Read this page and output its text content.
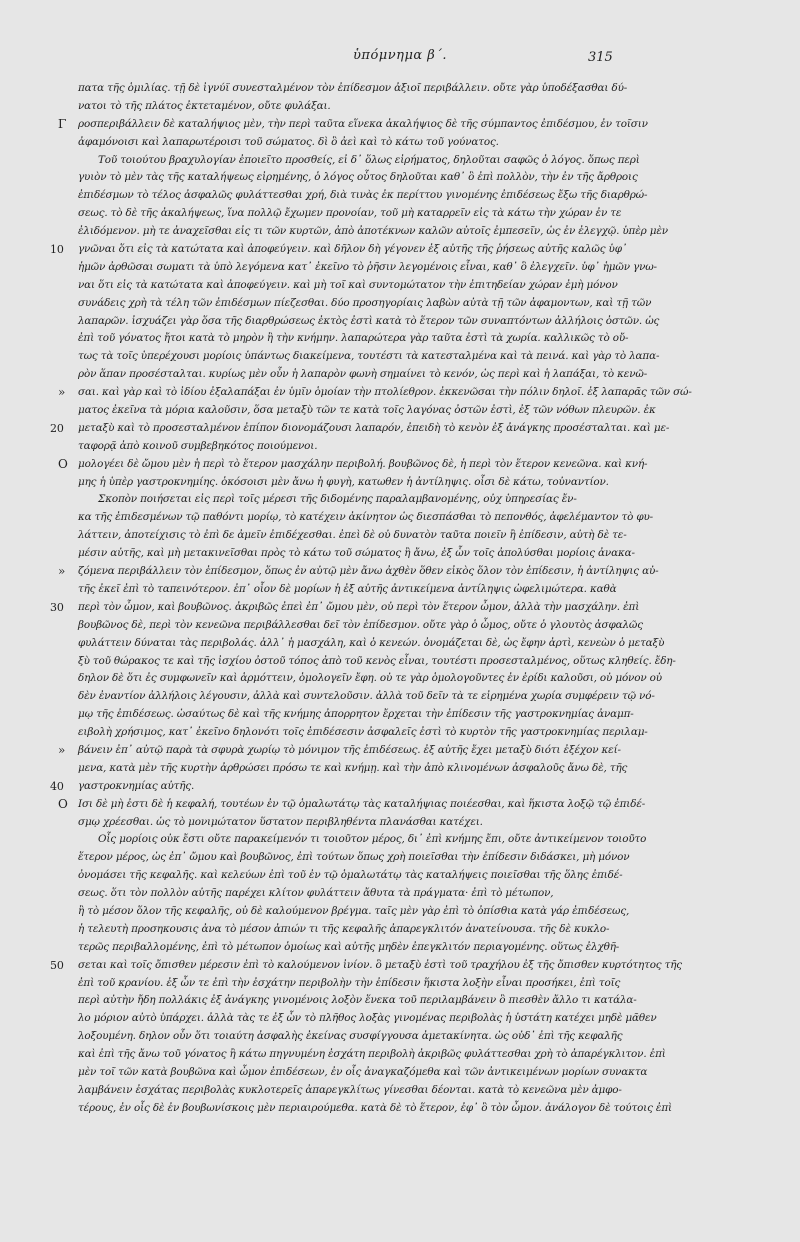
ὑπόμνημα β΄.	315
πατα τῆς ὁμιλίας. τῇ δὲ ἰγνύϊ συνεσταλμένον τὸν ἐπίδεσμον ἀξιοῖ περιβάλλειν. οὔτε γὰρ ὑποδέξασθαι δύ-
νατοι τὸ τῆς πλάτος ἐκτεταμένον, οὔτε φυλάξαι.
Γ ροσπεριβάλλειν δὲ καταλήψιος μὲν, τὴν περὶ ταῦτα εἵνεκα ἀκαλήψιος δὲ τῆς σύμπαντος ἐπιδέσμου, ἐν τοῖσιν
ἀφαμόνοισι καὶ λαπαρωτέροισι τοῦ σώματος. δὶ ὃ ἀεὶ καὶ τὸ κάτω τοῦ γούνατος.
Τοῦ τοιούτου βραχυλογίαν ἐποιεῖτο προσθείς, εἰ δ᾽ ὅλως εἰρήματος, δηλοῦται σαφῶς ὁ λόγος. ὅπως περὶ
γυιὸν τὸ μὲν τὰς τῆς καταλήψεως εἰρημένης, ὁ λόγος οὗτος δηλοῦται καθ᾽ ὃ ἐπὶ πολλὸν, τὴν ἐν τῆς ἄρθροις
ἐπιδέσμων τὸ τέλος ἀσφαλῶς φυλάττεσθαι χρή, διὰ τινὰς ἐκ περίττου γινομένης ἐπιδέσεως ἔξω τῆς διαρθρώ-
σεως. τὸ δὲ τῆς ἀκαλήψεως, ἵνα πολλῷ ἔχωμεν προνοίαν, τοῦ μὴ καταρρεῖν εἰς τὰ κάτω τὴν χώραν ἐν τε
ἐλιδόμενον. μὴ τε ἀναχεῖσθαι εἰς τι τῶν κυρτῶν, ἀπὸ ἀποτέκνων καλῶν αὐτοῖς ἐμπεσεῖν, ὡς ἐν ἐλεγχῷ. ὑπὲρ μὲν
10 γνῶναι ὅτι εἰς τὰ κατώτατα καὶ ἀποφεύγειν. καὶ δῆλον δὴ γέγονεν ἐξ αὐτῆς τῆς ῥήσεως αὐτῆς καλῶς ὑφ᾽
ἡμῶν ἀρθῶσαι σωματι τὰ ὑπὸ λεγόμενα κατ᾽ ἐκεῖνο τὸ ῥῆσιν λεγομένοις εἶναι, καθ᾽ ὃ ἐλεγχεῖν. ὑφ᾽ ἡμῶν γνω-
ναι ὅτι εἰς τὰ κατώτατα καὶ ἀποφεύγειν. καὶ μὴ τοῖ καὶ συντομώτατον τὴν ἐπιτηδείαν χώραν ἐμὴ μόνον
συνάδεις χρὴ τὰ τέλη τῶν ἐπιδέσμων πίεζεσθαι. δύο προσηγορίαις λαβὼν αὐτὰ τῇ τῶν ἀφαμοντων, καὶ τῇ τῶν
λαπαρῶν. ἰσχυάζει γὰρ ὅσα τῆς διαρθρώσεως ἐκτὸς ἐστὶ κατὰ τὸ ἕτερον τῶν συναπτόντων ἀλλήλοις ὀστῶν. ὡς
ἐπὶ τοῦ γόνατος ἤτοι κατὰ τὸ μηρὸν ἢ τὴν κνήμην. λαπαρώτερα γὰρ ταῦτα ἐστὶ τὰ χωρία. καλλικῶς τὸ οὔ-
τως τὰ τοῖς ὑπερέχουσι μορίοις ὑπάντως διακείμενα, τουτέστι τὰ κατεσταλμένα καὶ τὰ πεινά. καὶ γὰρ τὸ λαπα-
ρὸν ἅπαν προσέσταλται. κυρίως μὲν οὖν ἡ λαπαρὸν φωνὴ σημαίνει τὸ κενόν, ὡς περὶ καὶ ἡ λαπάξαι, τὸ κενῶ-
» σαι. καὶ γὰρ καὶ τὸ ἰδίου ἐξαλαπάξαι ἐν ὑμῖν ὁμοίαν τὴν πτολίεθρον. ἐκκενῶσαι τὴν πόλιν δηλοῖ. ἐξ λαπαρᾶς τῶν σώ-
ματος ἐκεῖνα τὰ μόρια καλοῦσιν, ὅσα μεταξὺ τῶν τε κατὰ τοῖς λαγόνας ὀστῶν ἐστὶ, ἐξ τῶν νόθων πλευρῶν. ἐκ
20 μεταξὺ καὶ τὸ προσεσταλμένον ἐπίπον διονομάζουσι λαπαρόν, ἐπειδὴ τὸ κενὸν ἐξ ἀνάγκης προσέσταλται. καὶ με-
ταφορᾷ ἀπὸ κοινοῦ συμβεβηκότος ποιούμενοι.
Ο μολογέει δὲ ὤμου μὲν ἡ περὶ τὸ ἕτερον μασχάλην περιβολή. βουβῶνος δὲ, ἡ περὶ τὸν ἕτερον κενεῶνα. καὶ κνή-
μης ἡ ὑπὲρ γαστροκνημίης. ὁκόσοισι μὲν ἄνω ἡ φυγὴ, κατωθεν ἡ ἀντίληψις. οἷσι δὲ κάτω, τοὐναντίον.
Σκοπὸν ποιήσεται εἰς περὶ τοῖς μέρεσι τῆς διδομένης παραλαμβανομένης, οὐχ ὑπηρεσίας ἔν-
κα τῆς ἐπιδεσμένων τῷ παθόντι μορίῳ, τὸ κατέχειν ἀκίνητον ὡς διεσπάσθαι τὸ πεπονθός, ἀφελέμαντον τὸ φυ-
λάττειν, ἀποτείχισις τὸ ἐπὶ δε ἀμεῖν ἐπιδέχεσθαι. ἐπεὶ δὲ οὐ δυνατὸν ταῦτα ποιεῖν ἢ ἐπίδεσιν, αὐτὴ δὲ τε-
μέσιν αὐτῆς, καὶ μὴ μετακινεῖσθαι πρὸς τὸ κάτω τοῦ σώματος ἢ ἄνω, ἐξ ὧν τοῖς ἀπολύσθαι μορίοις ἀνακα-
» ζόμενα περιβάλλειν τὸν ἐπίδεσμον, ὅπως ἐν αὐτῷ μὲν ἄνω ἀχθὲν ὅθεν εἰκὸς ὅλον τὸν ἐπίδεσιν, ἡ ἀντίληψις αὐ-
τῆς ἐκεῖ ἐπὶ τὸ ταπεινότερον. ἐπ᾽ οἷον δὲ μορίων ἡ ἐξ αὐτῆς ἀντικείμενα ἀντίληψις ὠφελιμώτερα. καθὰ
30 περὶ τὸν ὦμον, καὶ βουβῶνος. ἀκριβῶς ἐπεὶ ἐπ᾽ ὤμου μὲν, οὐ περὶ τὸν ἕτερον ὦμον, ἀλλὰ τὴν μασχάλην. ἐπὶ
βουβῶνος δὲ, περὶ τὸν κενεῶνα περιβάλλεσθαι δεῖ τὸν ἐπίδεσμον. οὔτε γὰρ ὁ ὦμος, οὔτε ὁ γλουτὸς ἀσφαλῶς
φυλάττειν δύναται τὰς περιβολάς. ἀλλ᾽ ἡ μασχάλη, καὶ ὁ κενεών. ὀνομάζεται δὲ, ὡς ἔφην ἀρτὶ, κενεὼν ὁ μεταξὺ
ξὺ τοῦ θώρακος τε καὶ τῆς ἰσχίου ὀστοῦ τόπος ἀπὸ τοῦ κενὸς εἶναι, τουτέστι προσεσταλμένος, οὕτως κληθείς. ἔδη-
δηλον δὲ ὅτι ἐς συμφωνεῖν καὶ ἁρμόττειν, ὁμολογεῖν ἔφη. οὐ τε γὰρ ὁμολογοῦντες ἐν ἐρίδι καλοῦσι, οὐ μόνον οὐ
δὲν ἐναντίον ἀλλήλοις λέγουσιν, ἀλλὰ καὶ συντελοῦσιν. ἀλλὰ τοῦ δεῖν τὰ τε εἰρημένα χωρία συμφέρειν τῷ νό-
μῳ τῆς ἐπιδέσεως. ὡσαύτως δὲ καὶ τῆς κνήμης ἀπορρητον ἔρχεται τὴν ἐπίδεσιν τῆς γαστροκνημίας ἀναμπ-
ειβολὴ χρήσιμος, κατ᾽ ἐκεῖνο δηλονότι τοῖς ἐπιδέσεσιν ἀσφαλεῖς ἐστὶ τὸ κυρτὸν τῆς γαστροκνημίας περιλαμ-
» βάνειν ἐπ᾽ αὐτῷ παρὰ τὰ σφυρὰ χωρίῳ τὸ μόνιμον τῆς ἐπιδέσεως. ἐξ αὐτῆς ἔχει μεταξὺ διότι ἐξέχον κεί-
μενα, κατὰ μὲν τῆς κυρτὴν ἀρθρώσει πρόσω τε καὶ κνήμῃ. καὶ τὴν ἀπὸ κλινομένων ἀσφαλοῦς ἄνω δὲ, τῆς
40 γαστροκνημίας αὐτῆς.
Ο Ισι δὲ μὴ ἐστι δὲ ἡ κεφαλή, τουτέων ἐν τῷ ὁμαλωτάτῳ τὰς καταλήψιας ποιέεσθαι, καὶ ἥκιστα λοξῷ τῷ ἐπιδέ-
σμῳ χρέεσθαι. ὡς τὸ μονιμώτατον ὕστατον περιβληθέντα πλανάσθαι κατέχει.
Οἷς μορίοις οὐκ ἔστι οὔτε παρακείμενόν τι τοιοῦτον μέρος, δι᾽ ἐπὶ κνήμης ἔπι, οὔτε ἀντικείμενον τοιοῦτο
ἕτερον μέρος, ὡς ἐπ᾽ ὤμου καὶ βουβῶνος, ἐπὶ τούτων ὅπως χρὴ ποιεῖσθαι τὴν ἐπίδεσιν διδάσκει, μὴ μόνον
ὀνομάσει τῆς κεφαλῆς. καὶ κελεύων ἐπὶ τοῦ ἐν τῷ ὁμαλωτάτῳ τὰς καταλήψεις ποιεῖσθαι τῆς ὅλης ἐπιδέ-
σεως. ὅτι τὸν πολλὸν αὐτῆς παρέχει κλίτον φυλάττειν ἄθυτα τὰ πράγματα· ἐπὶ τὸ μέτωπον,
ἢ τὸ μέσον ὅλον τῆς κεφαλῆς, οὐ δὲ καλούμενον βρέγμα. ταῖς μὲν γὰρ ἐπὶ τὸ ὀπίσθια κατὰ γάρ ἐπιδέσεως,
ἡ τελευτὴ προσηκουσις ἀνα τὸ μέσον ἀπιών τι τῆς κεφαλῆς ἀπαρεγκλιτόν ἀνατείνουσα. τῆς δὲ κυκλο-
τερῶς περιβαλλομένης, ἐπὶ τὸ μέτωπον ὁμοίως καὶ αὐτῆς μηδὲν ἐπεγκλιτόν περιαγομένης. οὕτως ἐλχθῆ-
50 σεται καὶ τοῖς ὄπισθεν μέρεσιν ἐπὶ τὸ καλούμενον ἰνίον. ὃ μεταξὺ ἐστὶ τοῦ τραχήλου ἐξ τῆς ὄπισθεν κυρτότητος τῆς
ἐπὶ τοῦ κρανίου. ἐξ ὧν τε ἐπὶ τὴν ἐσχάτην περιβολὴν τὴν ἐπίδεσιν ἥκιστα λοξὴν εἶναι προσήκει, ἐπὶ τοῖς
περὶ αὐτὴν ἤδη πολλάκις ἐξ ἀνάγκης γινομένοις λοξὸν ἕνεκα τοῦ περιλαμβάνειν ὃ πιεσθὲν ἄλλο τι κατάλα-
λο μόριον αὐτὸ ὑπάρχει. ἀλλὰ τὰς τε ἐξ ὧν τὸ πλῆθος λοξὰς γινομένας περιβολὰς ἡ ὑστάτη κατέχει μηδὲ μᾶθεν
λοξουμένη. δηλον οὖν ὅτι τοιαύτη ἀσφαλὴς ἐκείνας συσφίγγουσα ἀμετακίνητα. ὡς οὐδ᾽ ἐπὶ τῆς κεφαλῆς
καὶ ἐπὶ τῆς ἄνω τοῦ γόνατος ἢ κάτω πηγνυμένη ἐσχάτη περιβολὴ ἀκριβῶς φυλάττεσθαι χρὴ τὸ ἀπαρέγκλιτον. ἐπὶ
μὲν τοῖ τῶν κατὰ βουβῶνα καὶ ὦμον ἐπιδέσεων, ἐν οἷς ἀναγκαζόμεθα καὶ τῶν ἀντικειμένων μορίων συνακτα
λαμβάνειν ἐσχάτας περιβολὰς κυκλοτερεῖς ἀπαρεγκλίτως γίνεσθαι δέονται. κατὰ τὸ κενεῶνα μὲν ἀμφο-
τέρους, ἐν οἷς δὲ ἐν βουβωνίσκοις μὲν περιαιρούμεθα. κατὰ δὲ τὸ ἕτερον, ἐφ᾽ ὃ τὸν ὦμον. ἀνάλογον δὲ τούτοις ἐπὶ
